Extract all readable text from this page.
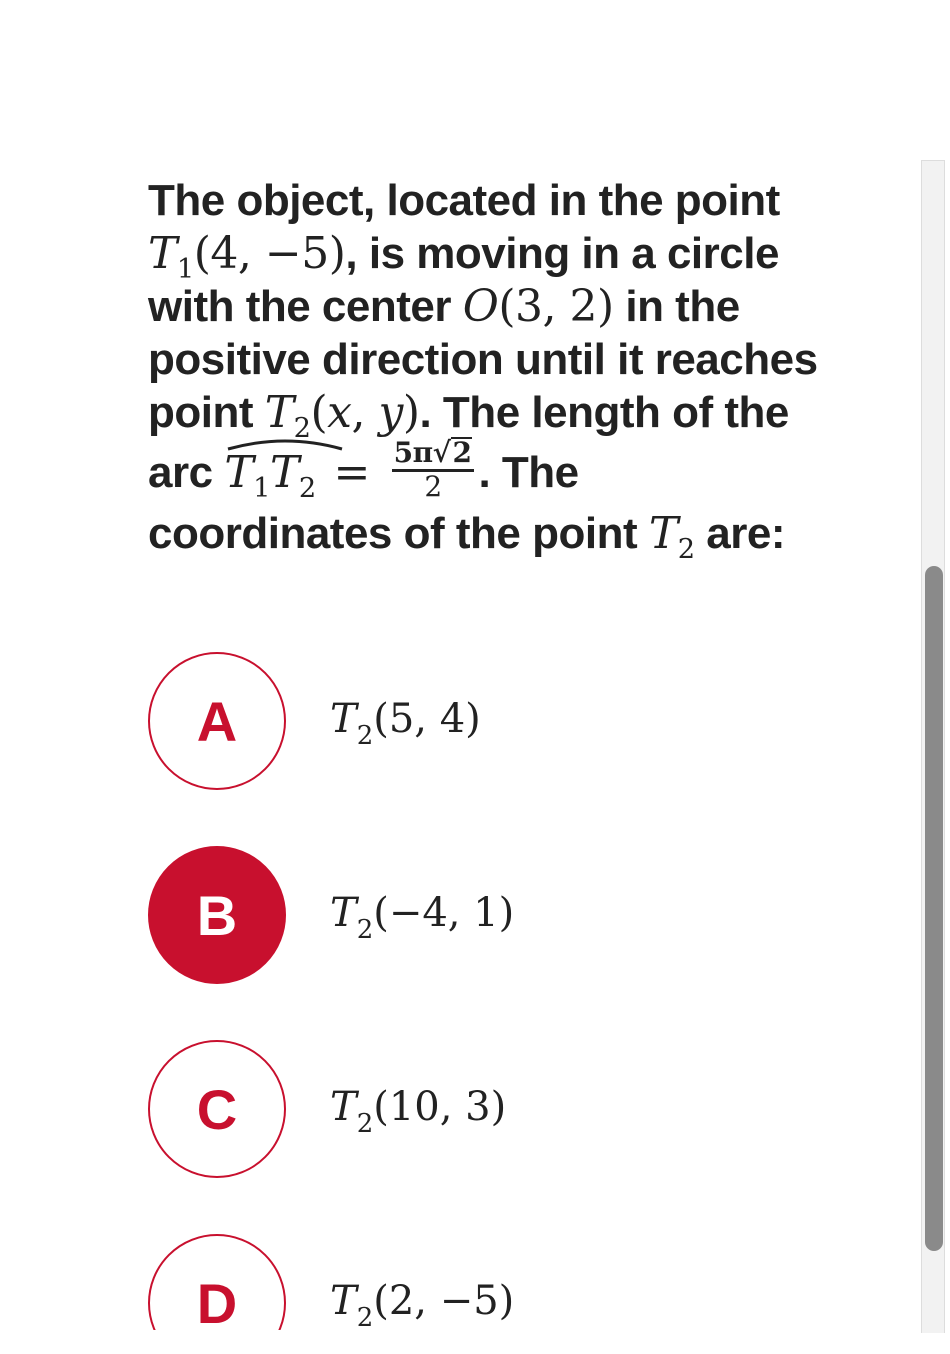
The object, located in the point
$T_1(4$, −5), is moving in a circle
with the center O(3, 2) in the
positive direction until it reaches
point $T_2(x$, y). The length of the
arc $T_1T_2 = \frac{5\pi√2}{2}$ . The
coordinates of the point $T_2$ are:
A	$T_2(5$, 4)
B	$T_2(-4$, 1)
C	$T_2(10$, 3)
D	$T_2(2$, −5)
